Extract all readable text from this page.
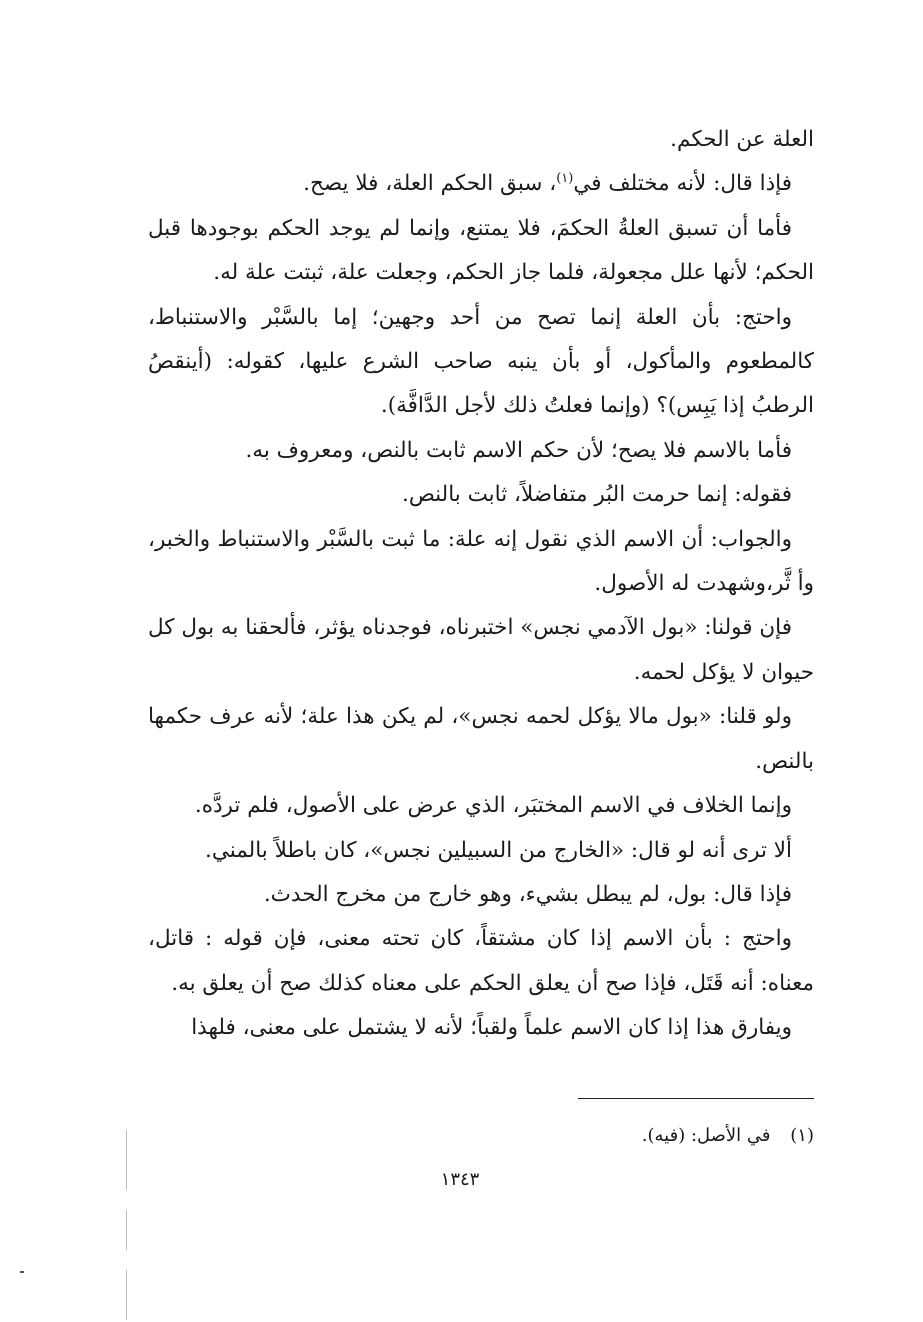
العلة عن الحكم.

فإذا قال: لأنه مختلف في$^{(١)}$، سبق الحكم العلة، فلا يصح.

فأما أن تسبق العلةُ الحكمَ، فلا يمتنع، وإنما لم يوجد الحكم بوجودها قبل الحكم؛ لأنها علل مجعولة، فلما جاز الحكم، وجعلت علة، ثبتت علة له.

واحتج: بأن العلة إنما تصح من أحد وجهين؛ إما بالسَّبْر والاستنباط، كالمطعوم والمأكول، أو بأن ينبه صاحب الشرع عليها، كقوله: (أينقصُ الرطبُ إذا يَبِس)؟ (وإنما فعلتُ ذلك لأجل الدَّافَّة).

فأما بالاسم فلا يصح؛ لأن حكم الاسم ثابت بالنص، ومعروف به.

فقوله: إنما حرمت البُر متفاضلاً، ثابت بالنص.

والجواب: أن الاسم الذي نقول إنه علة: ما ثبت بالسَّبْر والاستنباط والخبر، وأ ثَّر،وشهدت له الأصول.

فإن قولنا: «بول الآدمي نجس» اختبرناه، فوجدناه يؤثر، فألحقنا به بول كل حيوان لا يؤكل لحمه.

ولو قلنا: «بول مالا يؤكل لحمه نجس»، لم يكن هذا علة؛ لأنه عرف حكمها بالنص.

وإنما الخلاف في الاسم المختبَر، الذي عرض على الأصول، فلم تردَّه.

ألا ترى أنه لو قال: «الخارج من السبيلين نجس»، كان باطلاً بالمني.

فإذا قال: بول، لم يبطل بشيء، وهو خارج من مخرج الحدث.

واحتج : بأن الاسم إذا كان مشتقاً، كان تحته معنى، فإن قوله : قاتل، معناه: أنه قَتَل، فإذا صح أن يعلق الحكم على معناه كذلك صح أن يعلق به.

ويفارق هذا إذا كان الاسم علماً ولقباً؛ لأنه لا يشتمل على معنى، فلهذا

(١) في الأصل: (فيه).
١٣٤٣
